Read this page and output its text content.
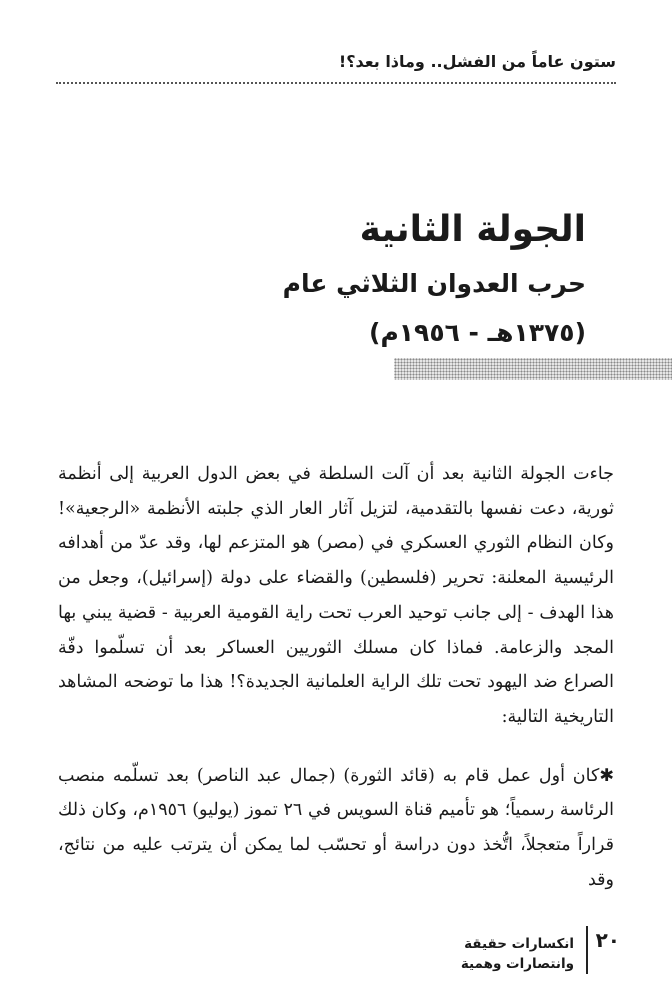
ستون عاماً من الفشل.. وماذا بعد؟!
الجولة الثانية
حرب العدوان الثلاثي عام
(١٣٧٥هـ - ١٩٥٦م)

جاءت الجولة الثانية بعد أن آلت السلطة في بعض الدول العربية إلى أنظمة ثورية، دعت نفسها بالتقدمية، لتزيل آثار العار الذي جلبته الأنظمة «الرجعية»! وكان النظام الثوري العسكري في (مصر) هو المتزعم لها، وقد عدّ من أهدافه الرئيسية المعلنة: تحرير (فلسطين) والقضاء على دولة (إسرائيل)، وجعل من هذا الهدف - إلى جانب توحيد العرب تحت راية القومية العربية - قضية يبني بها المجد والزعامة. فماذا كان مسلك الثوريين العساكر بعد أن تسلّموا دفّة الصراع ضد اليهود تحت تلك الراية العلمانية الجديدة؟! هذا ما توضحه المشاهد التاريخية التالية:

✱كان أول عمل قام به (قائد الثورة) (جمال عبد الناصر) بعد تسلّمه منصب الرئاسة رسمياً؛ هو تأميم قناة السويس في ٢٦ تموز (يوليو) ١٩٥٦م، وكان ذلك قراراً متعجلاً، اتُّخذ دون دراسة أو تحسّب لما يمكن أن يترتب عليه من نتائج، وقد

٢٠
انكسارات حقيقة
وانتصارات وهمية
